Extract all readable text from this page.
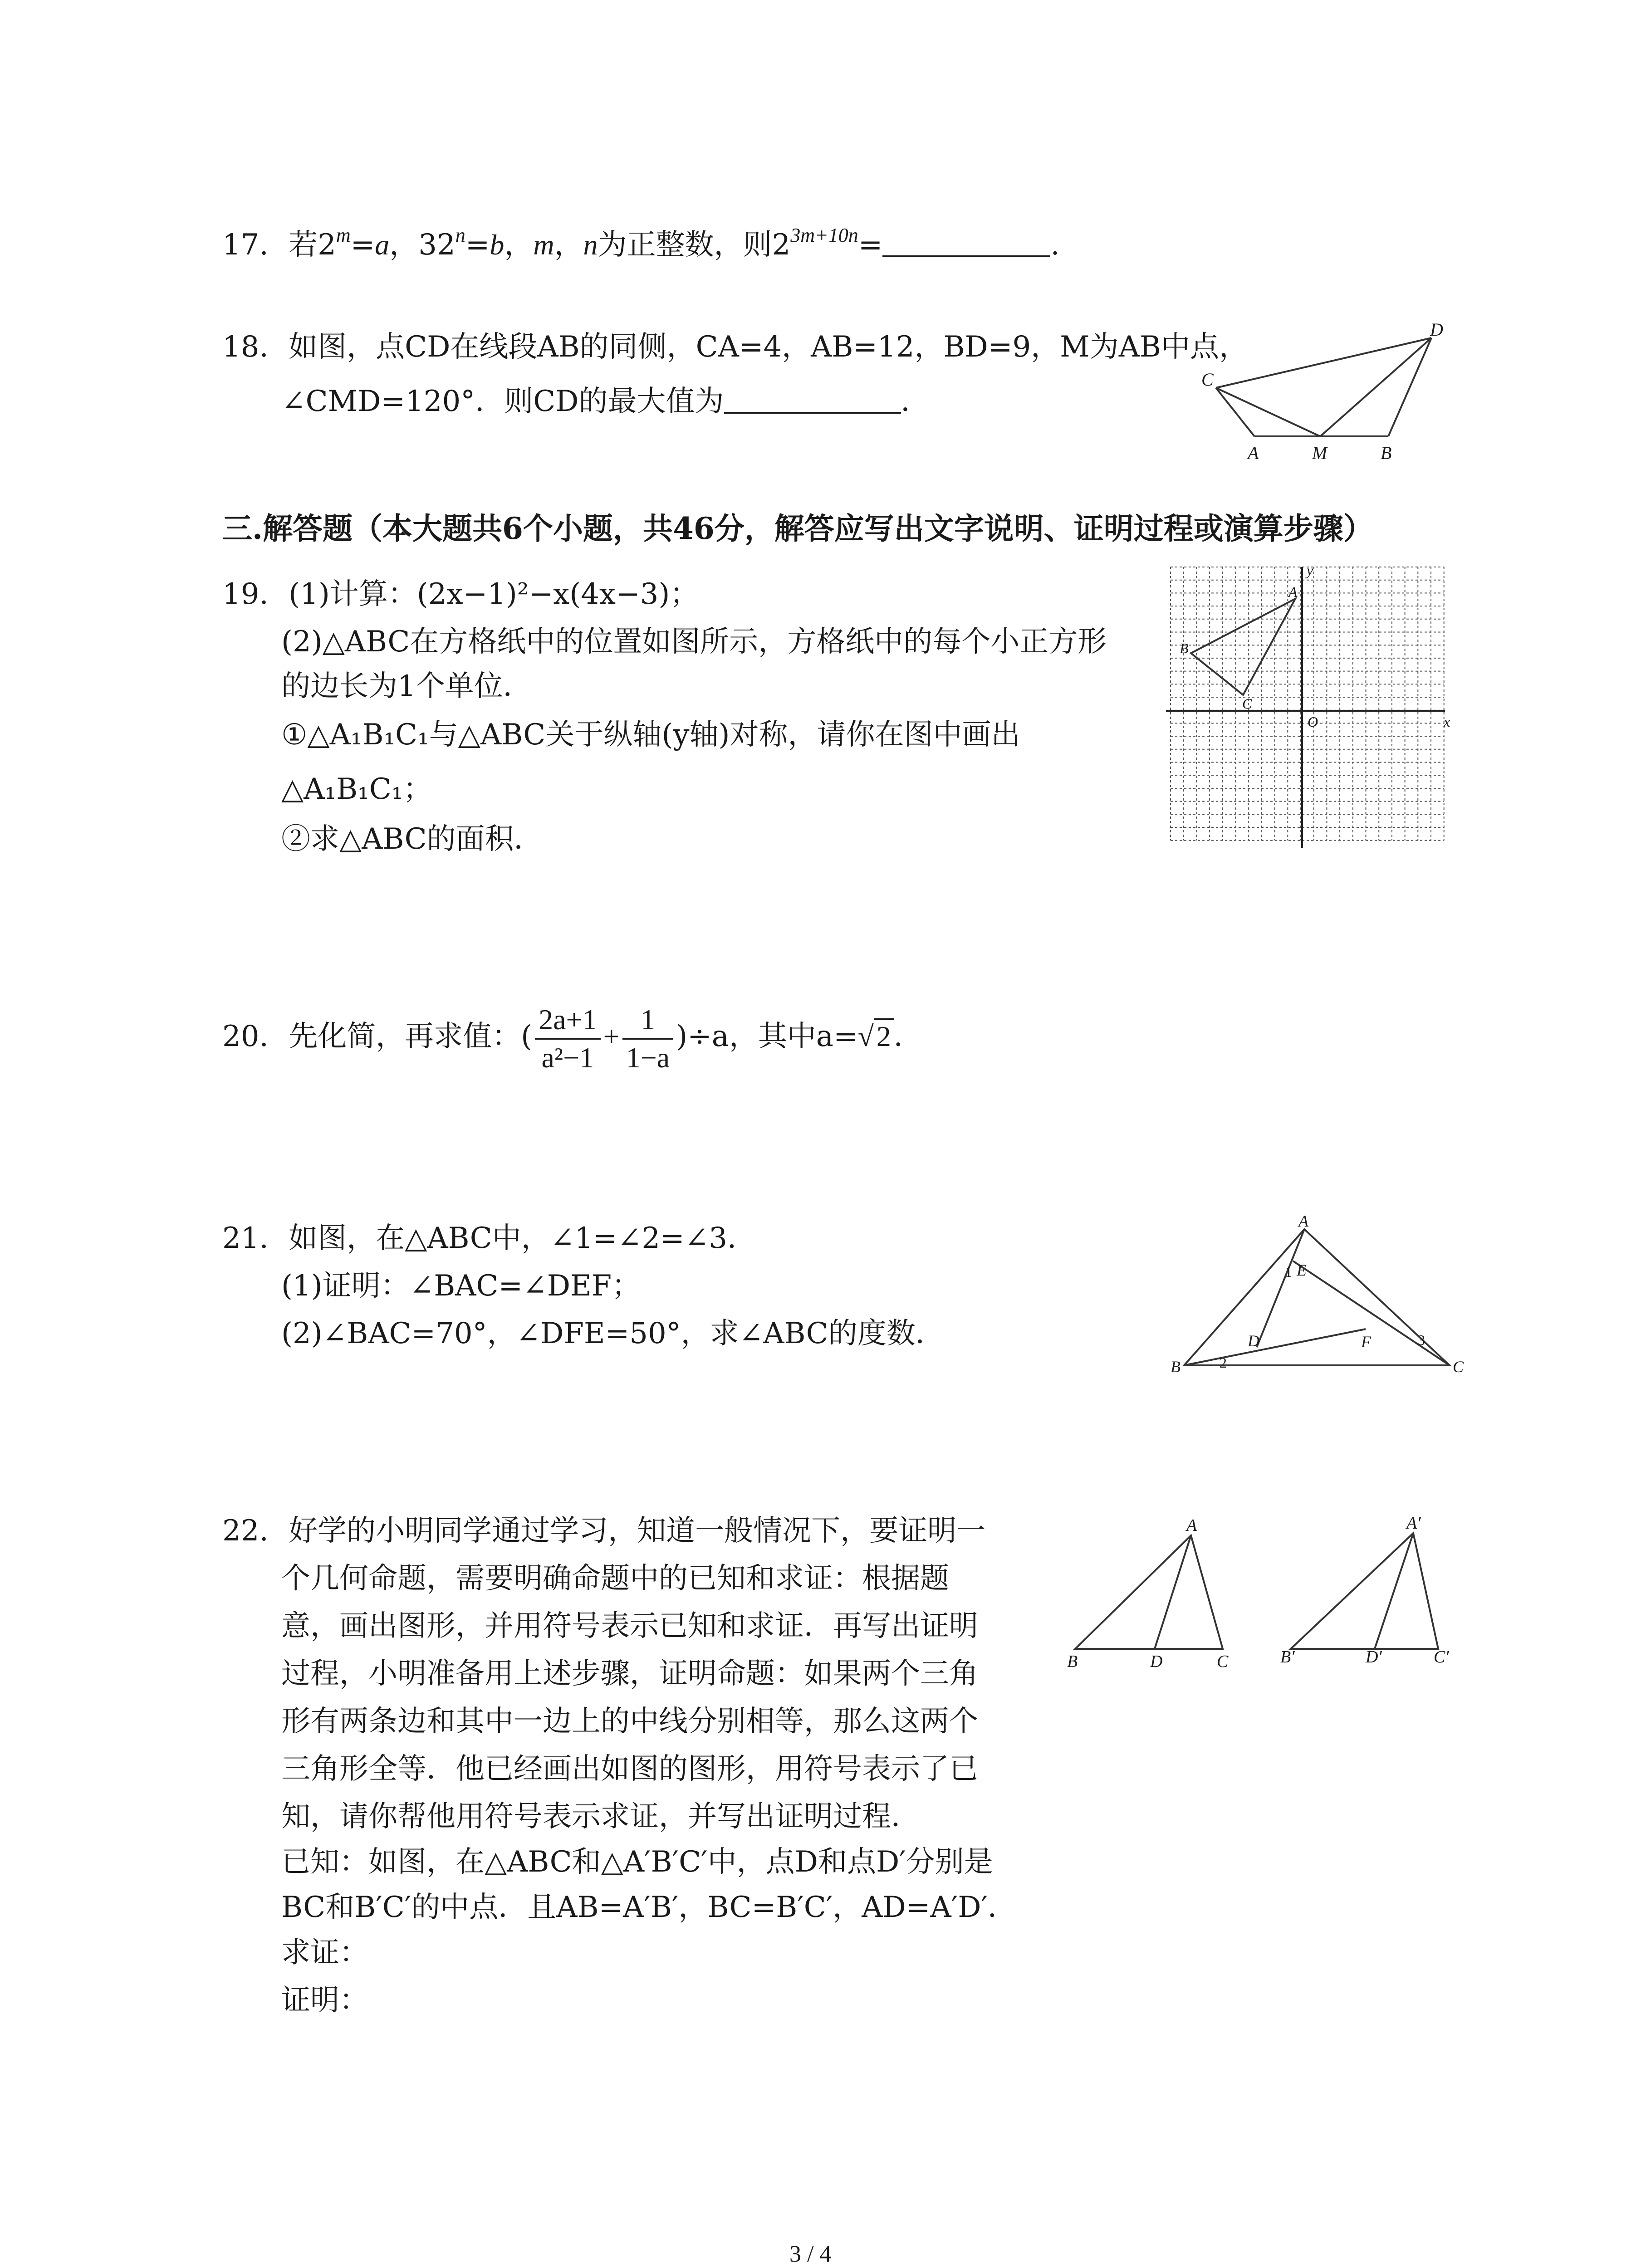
17. 若$2^m=a$，$32^n=b$，m，n为正整数，则$2^{3m+10n}=$	.
18. 如图，点CD在线段AB的同侧，CA=4，AB=12，BD=9，M为AB中点，
∠CMD=120°．则CD的最大值为	．
C
D
A	M	B
三.解答题（本大题共6个小题，共46分，解答应写出文字说明、证明过程或演算步骤）
19. (1)计算：(2x−1)²−x(4x−3)；
(2)△ABC在方格纸中的位置如图所示，方格纸中的每个小正方形
的边长为1个单位．
①△A₁B₁C₁与△ABC关于纵轴(y轴)对称，请你在图中画出
△A₁B₁C₁；
②求△ABC的面积．
y
x
O
A
B
C
20. 先化简，再求值：( $\frac{2a+1}{\text{a²−1}} + \frac{1}{1-a} )\div a$，其中a=√2．
21. 如图，在△ABC中，∠1=∠2=∠3．
(1)证明：∠BAC=∠DEF；
(2)∠BAC=70°，∠DFE=50°，求∠ABC的度数．
A
B	C
D
E
F
1
2
3
22. 好学的小明同学通过学习，知道一般情况下，要证明一
个几何命题，需要明确命题中的已知和求证：根据题
意，画出图形，并用符号表示已知和求证．再写出证明
过程，小明准备用上述步骤，证明命题：如果两个三角
形有两条边和其中一边上的中线分别相等，那么这两个
三角形全等．他已经画出如图的图形，用符号表示了已
知，请你帮他用符号表示求证，并写出证明过程．
已知：如图，在△ABC和△A′B′C′中，点D和点D′分别是
BC和B′C′的中点．且AB=A′B′，BC=B′C′，AD=A′D′．
求证：
证明：
A
B	D	C
A′
B′	D′	C′
3 / 4
